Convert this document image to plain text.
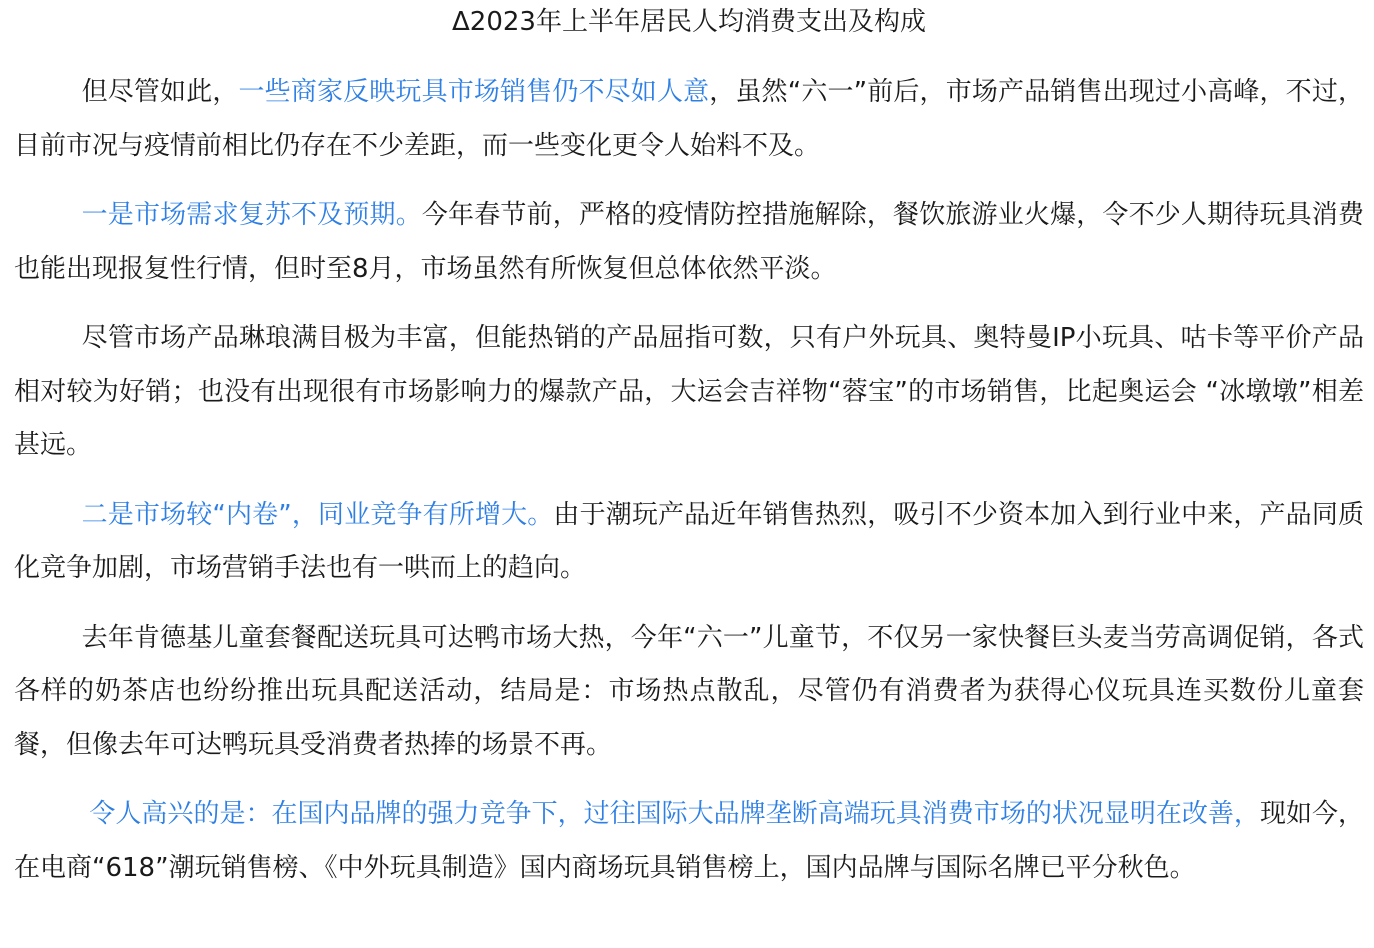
Δ2023年上半年居民人均消费支出及构成

但尽管如此，一些商家反映玩具市场销售仍不尽如人意，虽然“六一”前后，市场产品销售出现过小高峰，不过，目前市况与疫情前相比仍存在不少差距，而一些变化更令人始料不及。

一是市场需求复苏不及预期。今年春节前，严格的疫情防控措施解除，餐饮旅游业火爆，令不少人期待玩具消费也能出现报复性行情，但时至8月，市场虽然有所恢复但总体依然平淡。

尽管市场产品琳琅满目极为丰富，但能热销的产品屈指可数，只有户外玩具、奥特曼IP小玩具、咕卡等平价产品相对较为好销；也没有出现很有市场影响力的爆款产品，大运会吉祥物“蓉宝”的市场销售，比起奥运会 “冰墩墩”相差甚远。

二是市场较“内卷”，同业竞争有所增大。由于潮玩产品近年销售热烈，吸引不少资本加入到行业中来，产品同质化竞争加剧，市场营销手法也有一哄而上的趋向。

去年肯德基儿童套餐配送玩具可达鸭市场大热，今年“六一”儿童节，不仅另一家快餐巨头麦当劳高调促销，各式各样的奶茶店也纷纷推出玩具配送活动，结局是：市场热点散乱，尽管仍有消费者为获得心仪玩具连买数份儿童套餐，但像去年可达鸭玩具受消费者热捧的场景不再。

令人高兴的是：在国内品牌的强力竞争下，过往国际大品牌垄断高端玩具消费市场的状况显明在改善，现如今，在电商“618”潮玩销售榜、《中外玩具制造》国内商场玩具销售榜上，国内品牌与国际名牌已平分秋色。
